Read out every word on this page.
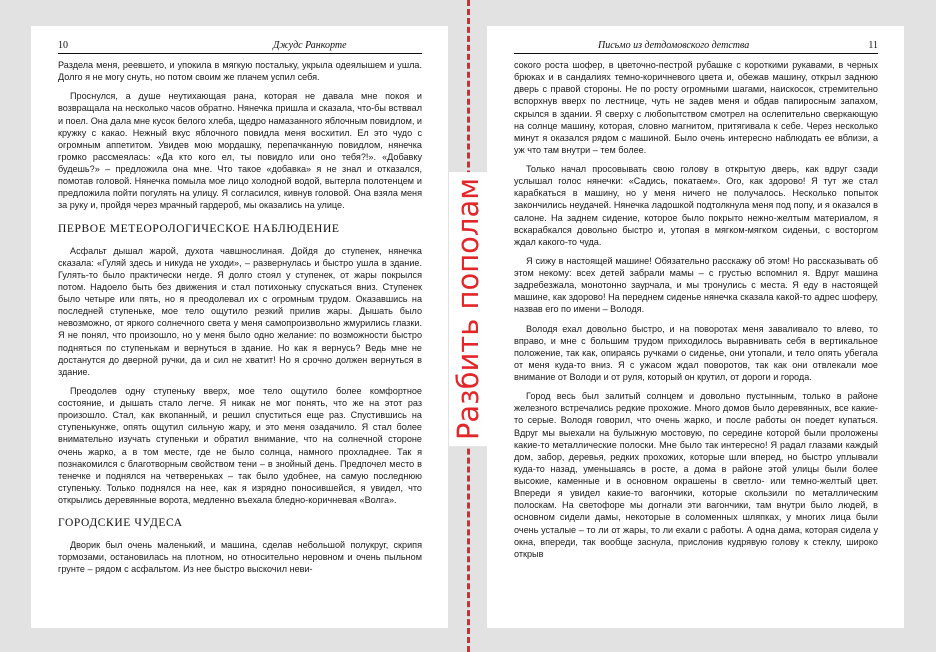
10	Джудс Ранкорте

Раздела меня, реевшето, и упокила в мягкую постальку, укрыла одеялышем и ушла. Долго я не могу снуть, но потом своим же плачем успил себя.

Проснулся, а душе неутихающая рана, которая не давала мне покоя и возвращала на несколько часов обратно. Нянечка пришла и сказала, что-бы встввал и поел. Она дала мне кусок белого хлеба, щедро намазанного яблочным повидлом, и кружку с какао. Нежный вкус яблочного повидла меня восхитил. Ел это чудо с огромным аппетитом. Увидев мою мордашку, перепачканную повидлом, нянечка громко рассмеялась: «Да кто кого ел, ты повидло или оно тебя?!». «Добавку будешь?» – предложила она мне. Что такое «добавка» я не знал и отказался, помотав головой. Нянечка помыла мое лицо холодной водой, вытерла полотенцем и предложила пойти погулять на улицу. Я согласился, кивнув головой. Она взяла меня за руку и, пройдя через мрачный гардероб, мы оказались на улице.

ПЕРВОЕ МЕТЕОРОЛОГИЧЕСКОЕ НАБЛЮДЕНИЕ

Асфальт дышал жарой, духота чавшнослиная. Дойдя до ступенек, нянечка сказала: «Гуляй здесь и никуда не уходи», – развернулась и быстро ушла в здание. Гулять-то было практически негде. Я долго стоял у ступенек, от жары покрылся потом. Надоело быть без движения и стал потихоньку спускаться вниз. Ступенек было четыре или пять, но я преодолевал их с огромным трудом. Оказавшись на последней ступеньке, мое тело ощутило резкий прилив жары. Дышать было невозможно, от яркого солнечного света у меня самопроизвольно жмурились глазки. Я не понял, что произошло, но у меня было одно желание: по возможности быстро подняться по ступенькам и вернуться в здание. Но как я вернусь? Ведь мне не достанутся до дверной ручки, да и сил не хватит! Но я срочно должен вернуться в здание.

Преодолев одну ступеньку вверх, мое тело ощутило более комфортное состояние, и дышать стало легче. Я никак не мог понять, что же на этот раз произошло. Стал, как вкопанный, и решил спуститься еще раз. Спустившись на ступенькунже, опять ощутил сильную жару, и это меня озадачило. Я стал более внимательно изучать ступеньки и обратил внимание, что на солнечной стороне очень жарко, а в том месте, где не было солнца, намного прохладнее. Так я познакомился с благотворным свойством тени – в знойный день. Предпочел место в тенечке и поднялся на четвереньках – так было удобнее, на самую последнюю ступеньку. Только поднялся на нее, как я изрядно поносившейся, я увидел, что открылись деревянные ворота, медленно въехала бледно-коричневая «Волга».

ГОРОДСКИЕ ЧУДЕСА

Дворик был очень маленький, и машина, сделав небольшой полукруг, скрипя тормозами, остановилась на плотном, но относительно неровном и очень пыльном грунте – рядом с асфальтом. Из нее быстро выскочил неви-

Письмо из детдомовского детства	11

сокого роста шофер, в цветочно-пестрой рубашке с короткими рукавами, в черных брюках и в сандалиях темно-коричневого цвета и, обежав машину, открыл заднюю дверь с правой стороны. Не по росту огромными шагами, наискосок, стремительно вспорхнув вверх по лестнице, чуть не задев меня и обдав папиросным запахом, скрылся в здании. Я сверху с любопытством смотрел на ослепительно сверкающую на солнце машину, которая, словно магнитом, притягивала к себе. Через несколько минут я оказался рядом с машиной. Было очень интересно наблюдать ее вблизи, а уж что там внутри – тем более.

Только начал просовывать свою голову в открытую дверь, как вдруг сзади услышал голос нянечки: «Садись, покатаем». Ого, как здорово! Я тут же стал карабкаться в машину, но у меня ничего не получалось. Несколько попыток закончились неудачей. Нянечка ладошкой подтолкнула меня под попу, и я оказался в салоне. На заднем сидение, которое было покрыто нежно-желтым материалом, я вскарабкался довольно быстро и, утопая в мягком-мягком сиденьи, с восторгом ждал какого-то чуда.

Я сижу в настоящей машине! Обязательно расскажу об этом! Но рассказывать об этом некому: всех детей забрали мамы – с грустью вспомнил я. Вдруг машина задребезжала, монотонно заурчала, и мы тронулись с места. Я еду в настоящей машине, как здорово! На переднем сиденье нянечка сказала какой-то адрес шоферу, назвав его по имени – Володя.

Володя ехал довольно быстро, и на поворотах меня заваливало то влево, то вправо, и мне с большим трудом приходилось выравнивать себя в вертикальное положение, так как, опираясь ручками о сиденье, они утопали, и тело опять убегала от меня куда-то вниз. Я с ужасом ждал поворотов, так как они отвлекали мое внимание от Володи и от руля, который он крутил, от дороги и города.

Город весь был залитый солнцем и довольно пустынным, только в районе железного встречались редкие прохожие. Много домов было деревянных, все какие-то серые. Володя говорил, что очень жарко, и после работы он поедет купаться. Вдруг мы выехали на булыжную мостовую, по середине которой были проложены какие-то металлические полоски. Мне было так интересно! Я радал глазами каждый дом, забор, деревья, редких прохожих, которые шли вперед, но быстро уплывали куда-то назад, уменьшаясь в росте, а дома в районе этой улицы были более высокие, каменные и в основном окрашены в светло- или темно-желтый цвет. Впереди я увидел какие-то вагончики, которые скользили по металлическим полоскам. На светофоре мы догнали эти вагончики, там внутри было людей, в основном сидели дамы, некоторые в соломенных шляпках, у многих лица были очень усталые – то ли от жары, то ли ехали с работы. А одна дама, которая сидела у окна, впереди, так вообще заснула, прислонив кудрявую голову к стеклу, широко открыв

Разбить пополам
